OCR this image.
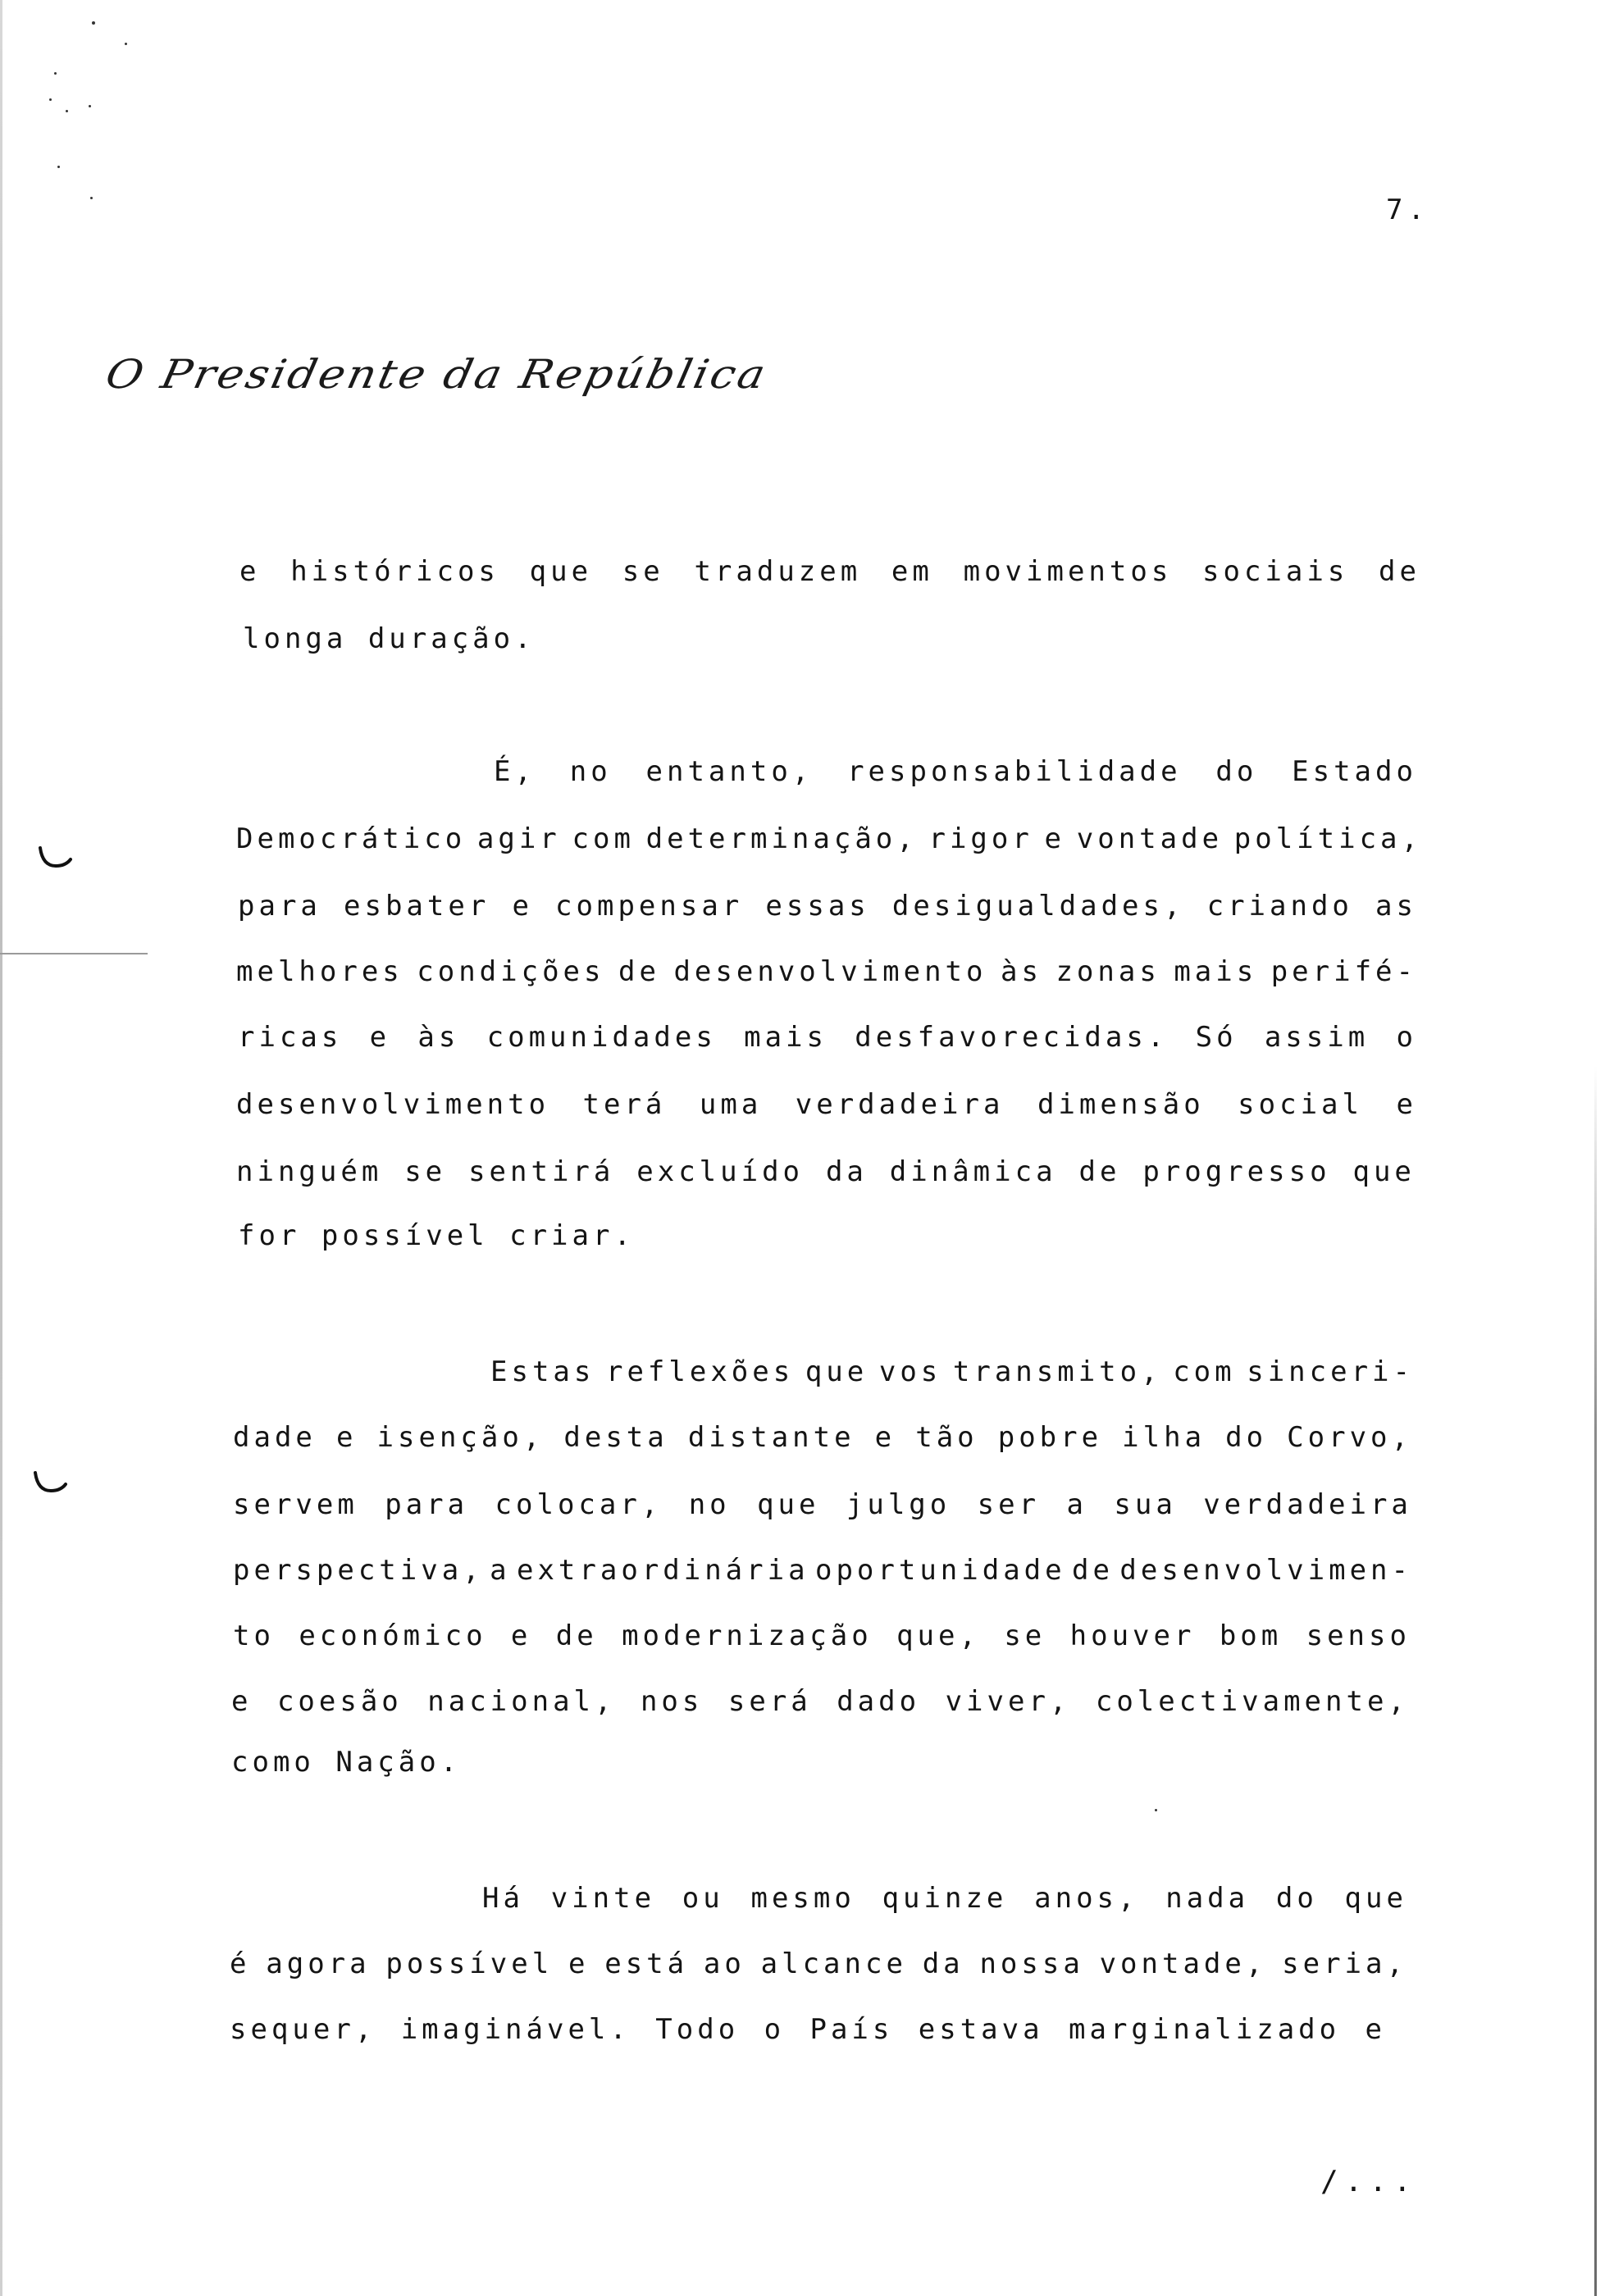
7.
O Presidente da República
e históricos que se traduzem em movimentos sociais de
longa duração.
É, no entanto, responsabilidade do Estado
Democrático agir com determinação, rigor e vontade política,
para esbater e compensar essas desigualdades, criando as
melhores condições de desenvolvimento às zonas mais perifé-
ricas e às comunidades mais desfavorecidas. Só assim o
desenvolvimento terá uma verdadeira dimensão social e
ninguém se sentirá excluído da dinâmica de progresso que
for possível criar.
Estas reflexões que vos transmito, com sinceri-
dade e isenção, desta distante e tão pobre ilha do Corvo,
servem para colocar, no que julgo ser a sua verdadeira
perspectiva, a extraordinária oportunidade de desenvolvimen-
to económico e de modernização que, se houver bom senso
e coesão nacional, nos será dado viver, colectivamente,
como Nação.
Há vinte ou mesmo quinze anos, nada do que
é agora possível e está ao alcance da nossa vontade, seria,
sequer, imaginável. Todo o País estava marginalizado e
/...
